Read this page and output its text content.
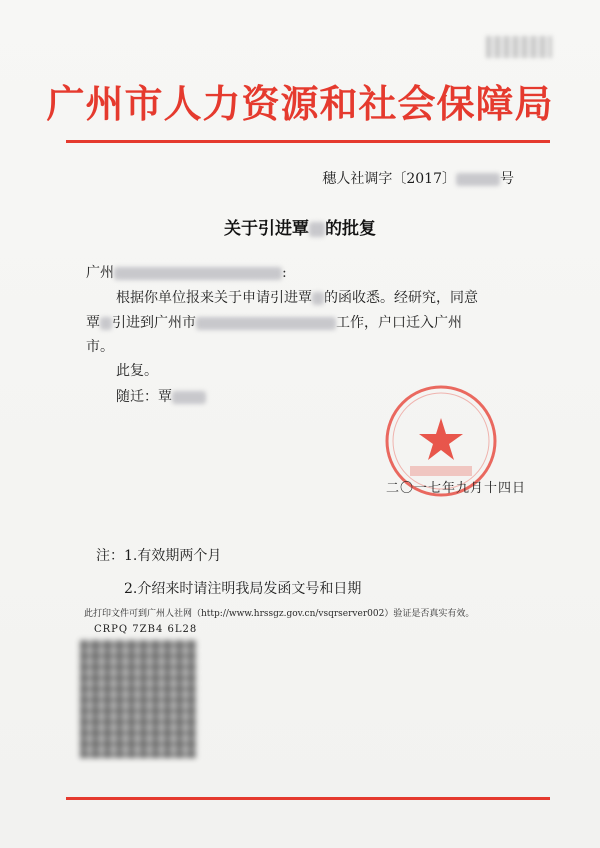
广州市人力资源和社会保障局
穗人社调字〔2017〕	号
关于引进覃 的批复
广州	:
根据你单位报来关于申请引进覃 的函收悉。经研究，同意
覃 引进到广州市	工作，户口迁入广州
市。
此复。
随迁：覃
二〇一七年九月十四日
注：1.有效期两个月
2.介绍来时请注明我局发函文号和日期
此打印文件可到广州人社网（http://www.hrssgz.gov.cn/vsqrserver002）验证是否真实有效。
CRPQ 7ZB4 6L28
